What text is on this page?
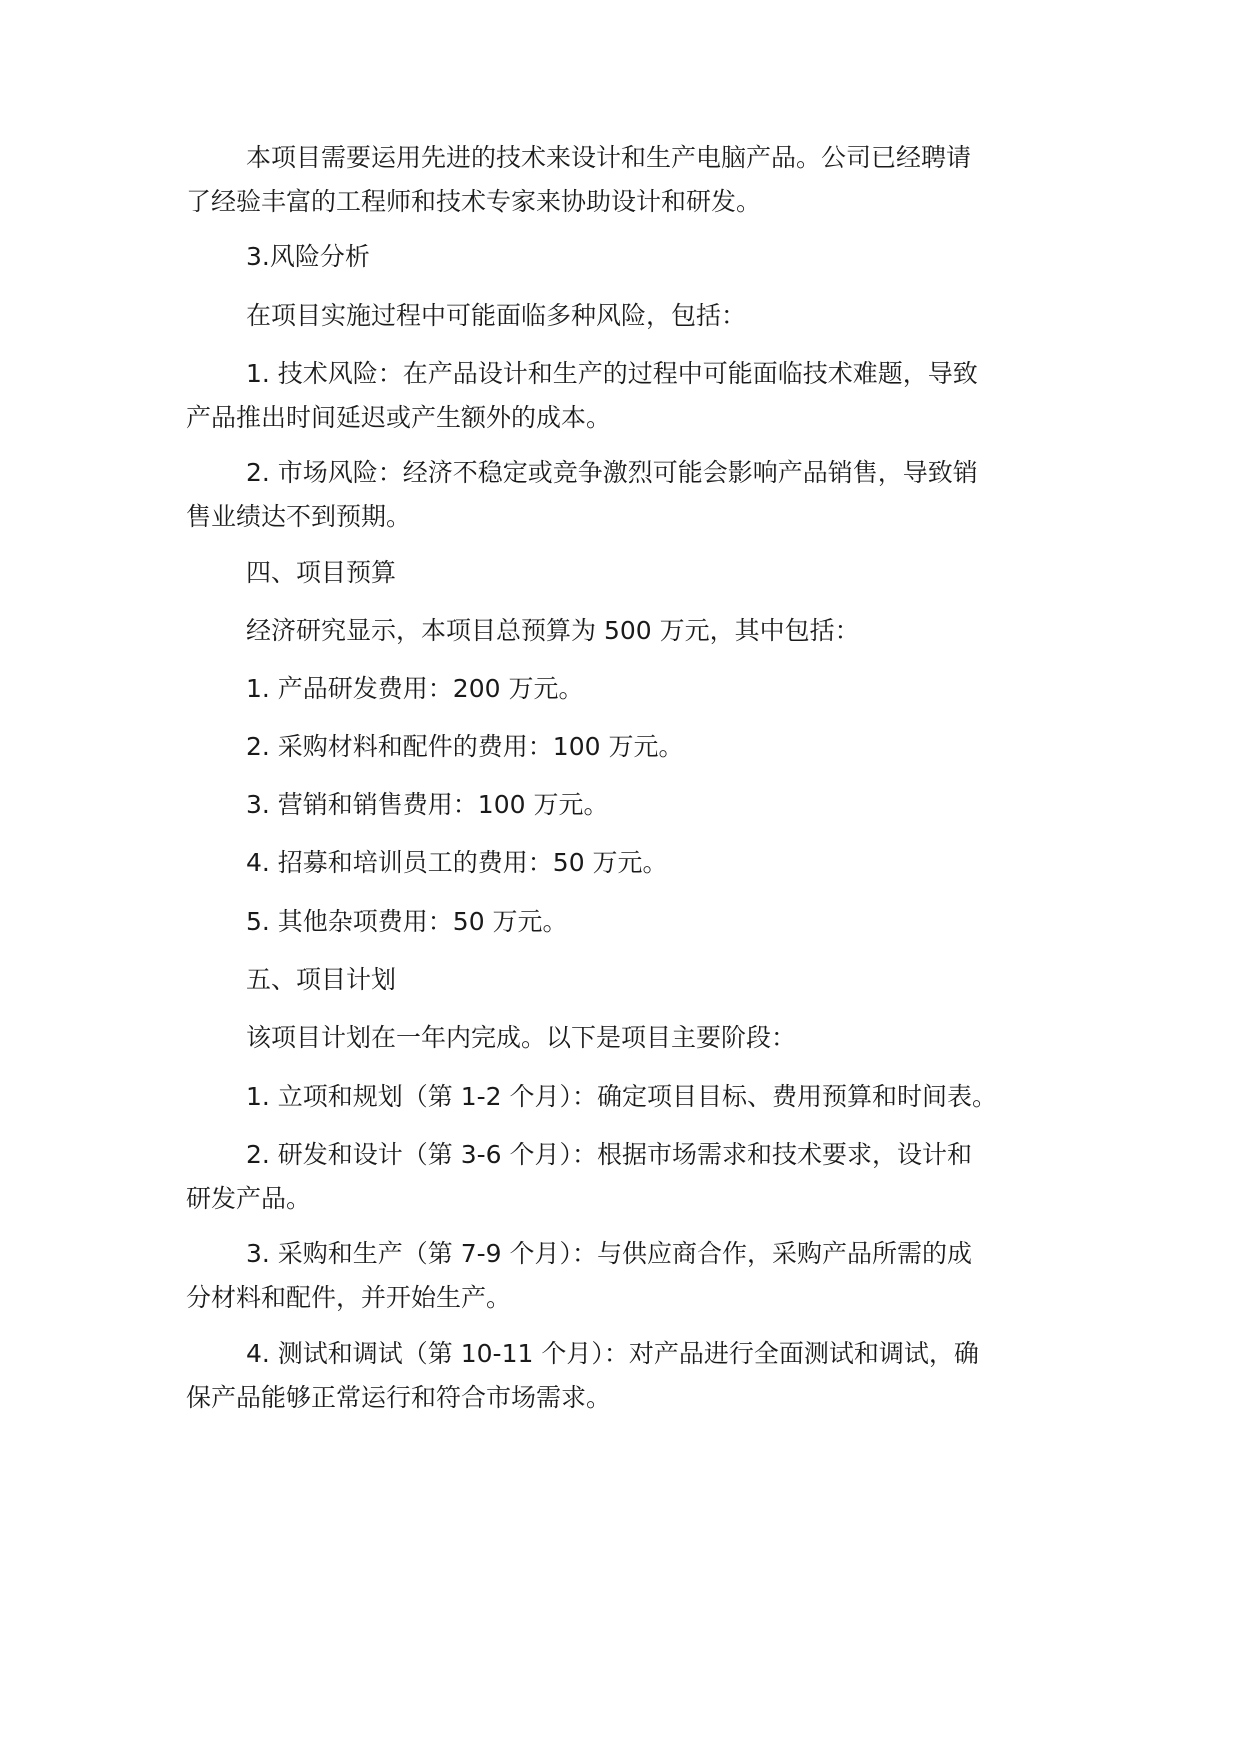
本项目需要运用先进的技术来设计和生产电脑产品。公司已经聘请
了经验丰富的工程师和技术专家来协助设计和研发。

3.风险分析

在项目实施过程中可能面临多种风险，包括：

1. 技术风险：在产品设计和生产的过程中可能面临技术难题，导致
产品推出时间延迟或产生额外的成本。

2. 市场风险：经济不稳定或竞争激烈可能会影响产品销售，导致销
售业绩达不到预期。

四、项目预算

经济研究显示，本项目总预算为 500 万元，其中包括：

1. 产品研发费用：200 万元。

2. 采购材料和配件的费用：100 万元。

3. 营销和销售费用：100 万元。

4. 招募和培训员工的费用：50 万元。

5. 其他杂项费用：50 万元。

五、项目计划

该项目计划在一年内完成。以下是项目主要阶段：

1. 立项和规划（第 1-2 个月）：确定项目目标、费用预算和时间表。

2. 研发和设计（第 3-6 个月）：根据市场需求和技术要求，设计和
研发产品。

3. 采购和生产（第 7-9 个月）：与供应商合作，采购产品所需的成
分材料和配件，并开始生产。

4. 测试和调试（第 10-11 个月）：对产品进行全面测试和调试，确
保产品能够正常运行和符合市场需求。
